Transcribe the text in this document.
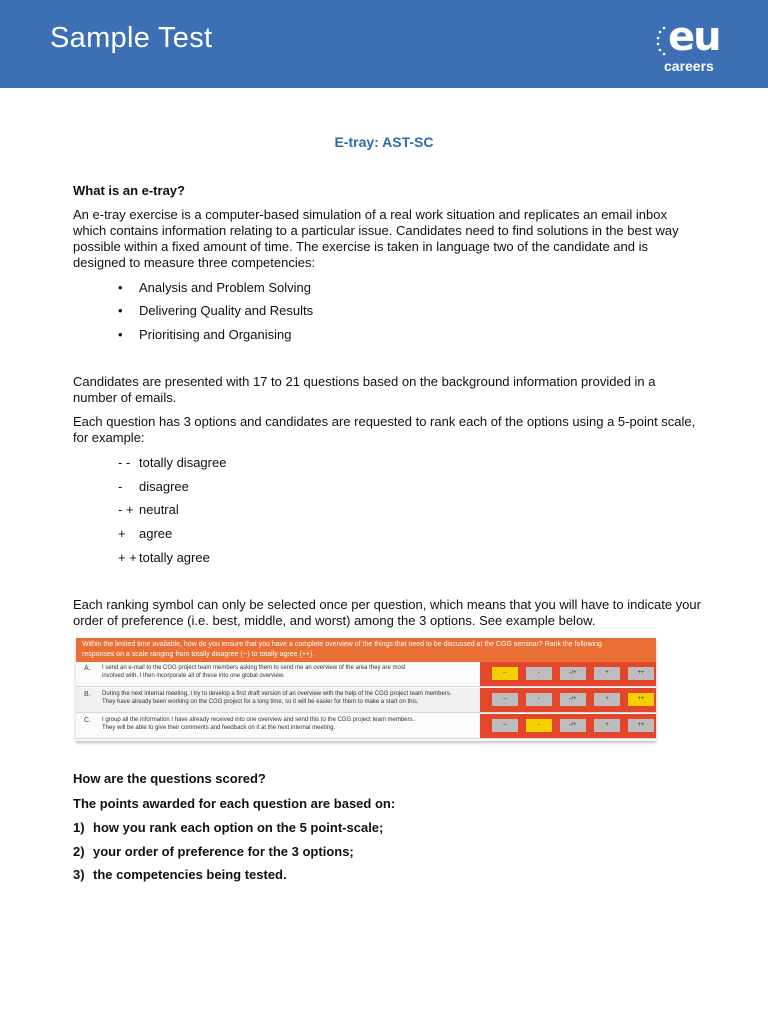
Sample Test	eu
careers
E-tray: AST-SC
What is an e-tray?
An e-tray exercise is a computer-based simulation of a real work situation and replicates an email inbox
which contains information relating to a particular issue. Candidates need to find solutions in the best way
possible within a fixed amount of time. The exercise is taken in language two of the candidate and is
designed to measure three competencies:
• Analysis and Problem Solving
• Delivering Quality and Results
• Prioritising and Organising
Candidates are presented with 17 to 21 questions based on the background information provided in a
number of emails.
Each question has 3 options and candidates are requested to rank each of the options using a 5-point scale,
for example:
- - totally disagree
- disagree
- + neutral
+ agree
+ + totally agree
Each ranking symbol can only be selected once per question, which means that you will have to indicate your
order of preference (i.e. best, middle, and worst) among the 3 options. See example below.
Within the limited time available, how do you ensure that you have a complete overview of the things that need to be discussed at the CGG seminar? Rank the following
responses on a scale ranging from totally disagree (--) to totally agree (++).
A. I send an e-mail to the CGG project team members asking them to send me an overview of the area they are most
involved with. I then incorporate all of these into one global overview.	--	-	-/+	+	++
B. During the next internal meeting, I try to develop a first draft version of an overview with the help of the CGG project team members.
They have already been working on the CGG project for a long time, so it will be easier for them to make a start on this.	--	-	-/+	+	++
C. I group all the information I have already received into one overview and send this to the CGG project team members.
They will be able to give their comments and feedback on it at the next internal meeting.	--	-	-/+	+	++
How are the questions scored?
The points awarded for each question are based on:
1) how you rank each option on the 5 point-scale;
2) your order of preference for the 3 options;
3) the competencies being tested.
